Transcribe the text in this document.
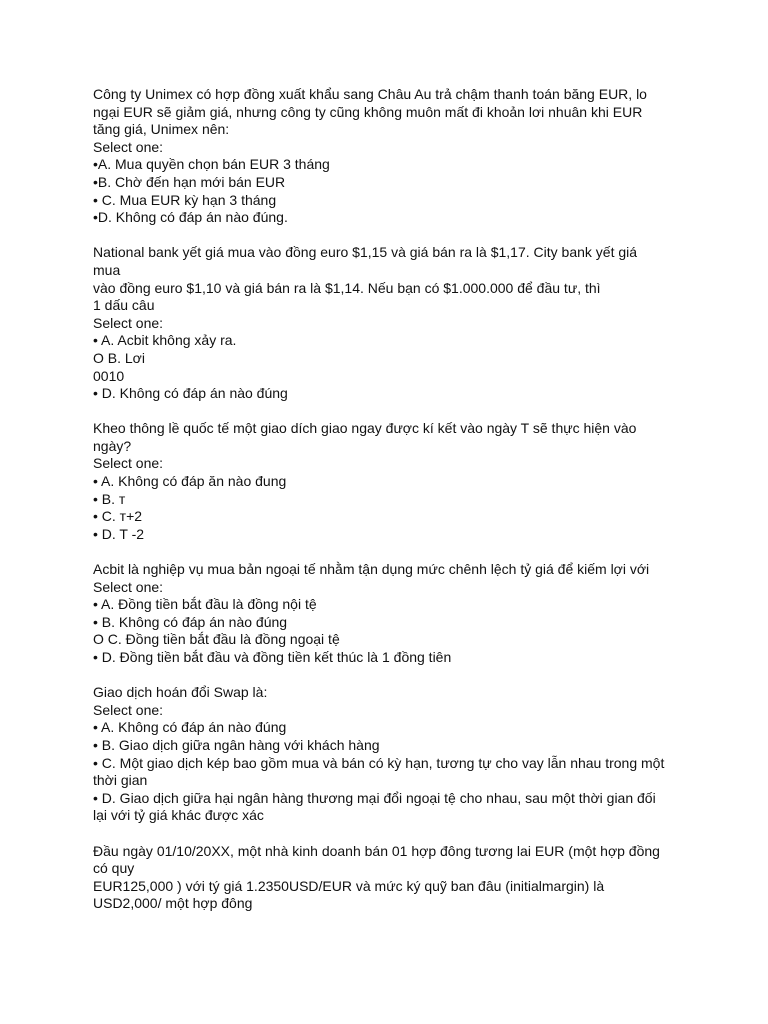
Công ty Unimex có hợp đồng xuất khẩu sang Châu Au trả chậm thanh toán băng EUR, lo
ngại EUR sẽ giảm giá, nhưng công ty cũng không muôn mất đi khoản lơi nhuân khi EUR
tăng giá, Unimex nên:
Select one:
•A. Mua quyền chọn bán EUR 3 tháng
•B. Chờ đến hạn mới bán EUR
• C. Mua EUR kỳ hạn 3 tháng
•D. Không có đáp án nào đúng.
National bank yết giá mua vào đồng euro $1,15 và giá bán ra là $1,17. City bank yết giá
mua
vào đồng euro $1,10 và giá bán ra là $1,14. Nếu bạn có $1.000.000 để đầu tư, thì
1 dấu câu
Select one:
• A. Acbit không xảy ra.
O B. Lơi
0010
• D. Không có đáp án nào đúng
Kheo thông lề quốc tế một giao dích giao ngay được kí kết vào ngày T sẽ thực hiện vào
ngày?
Select one:
• A. Không có đáp ăn nào đung
• B. т
• C. т+2
• D. T -2
Acbit là nghiệp vụ mua bản ngoại tế nhằm tận dụng mức chênh lệch tỷ giá để kiếm lợi với
Select one:
• A. Đồng tiền bắt đầu là đồng nội tệ
• B. Không có đáp án nào đúng
O C. Đồng tiền bắt đầu là đồng ngoại tệ
• D. Đồng tiền bắt đầu và đồng tiền kết thúc là 1 đồng tiên
Giao dịch hoán đổi Swap là:
Select one:
• A. Không có đáp án nào đúng
• B. Giao dịch giữa ngân hàng với khách hàng
• C. Một giao dịch kép bao gồm mua và bán có kỳ hạn, tương tự cho vay lẫn nhau trong một
thời gian
• D. Giao dịch giữa hại ngân hàng thương mại đổi ngoại tệ cho nhau, sau một thời gian đối
lại với tỷ giá khác được xác
Đầu ngày 01/10/20XX, một nhà kinh doanh bán 01 hợp đông tương lai EUR (một hợp đồng
có quy
EUR125,000 ) với tý giá 1.2350USD/EUR và mức ký quỹ ban đâu (initialmargin) là
USD2,000/ một hợp đông
